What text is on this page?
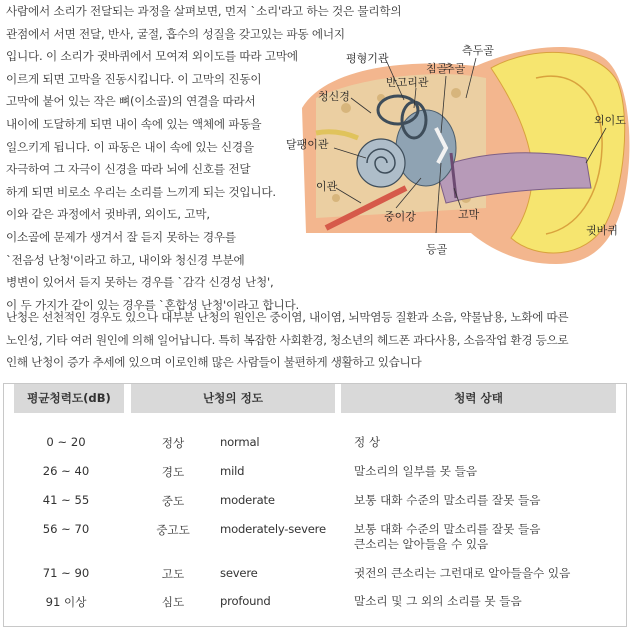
사람에서 소리가 전달되는 과정을 살펴보면, 먼저 `소리'라고 하는 것은 물리학의
관점에서 서면 전달, 반사, 굴절, 흡수의 성질을 갖고있는 파동 에너지
입니다. 이 소리가 귓바퀴에서 모여져 외이도를 따라 고막에
이르게 되면 고막을 진동시킵니다. 이 고막의 진동이
고막에 붙어 있는 작은 뼈(이소골)의 연결을 따라서
내이에 도달하게 되면 내이 속에 있는 액체에 파동을
일으키게 됩니다. 이 파동은 내이 속에 있는 신경을
자극하여 그 자극이 신경을 따라 뇌에 신호를 전달
하게 되면 비로소 우리는 소리를 느끼게 되는 것입니다.
이와 같은 과정에서 귓바퀴, 외이도, 고막,
이소골에 문제가 생겨서 잘 듣지 못하는 경우를
`전음성 난청'이라고 하고, 내이와 청신경 부분에
병변이 있어서 듣지 못하는 경우를 `감각 신경성 난청',
이 두 가지가 같이 있는 경우를 `혼합성 난청'이라고 합니다.
평형기관
반고리관
침골
추골
측두골
청신경
달팽이관
외이도
이관
중이강	고막
등골
귓바퀴
난청은 선천적인 경우도 있으나 대부분 난청의 원인은 중이염, 내이염, 뇌막염등 질환과 소음, 약물남용, 노화에 따른
노인성, 기타 여러 원인에 의해 일어납니다. 특히 복잡한 사회환경, 청소년의 헤드폰 과다사용, 소음작업 환경 등으로
인해 난청이 증가 추세에 있으며 이로인해 많은 사람들이 불편하게 생활하고 있습니다
평균청력도(dB)	난청의 정도	청력 상태
0 ~ 20	정상	normal	정 상
26 ~ 40	경도	mild	말소리의 일부를 못 들음
41 ~ 55	중도	moderate	보통 대화 수준의 말소리를 잘못 들음
56 ~ 70	중고도	moderately-severe 보통 대화 수준의 말소리를 잘못 들음
큰소리는 알아들을 수 있음
71 ~ 90	고도	severe	귓전의 큰소리는 그런대로 알아들을수 있음
91 이상	심도	profound	말소리 및 그 외의 소리를 못 들음
